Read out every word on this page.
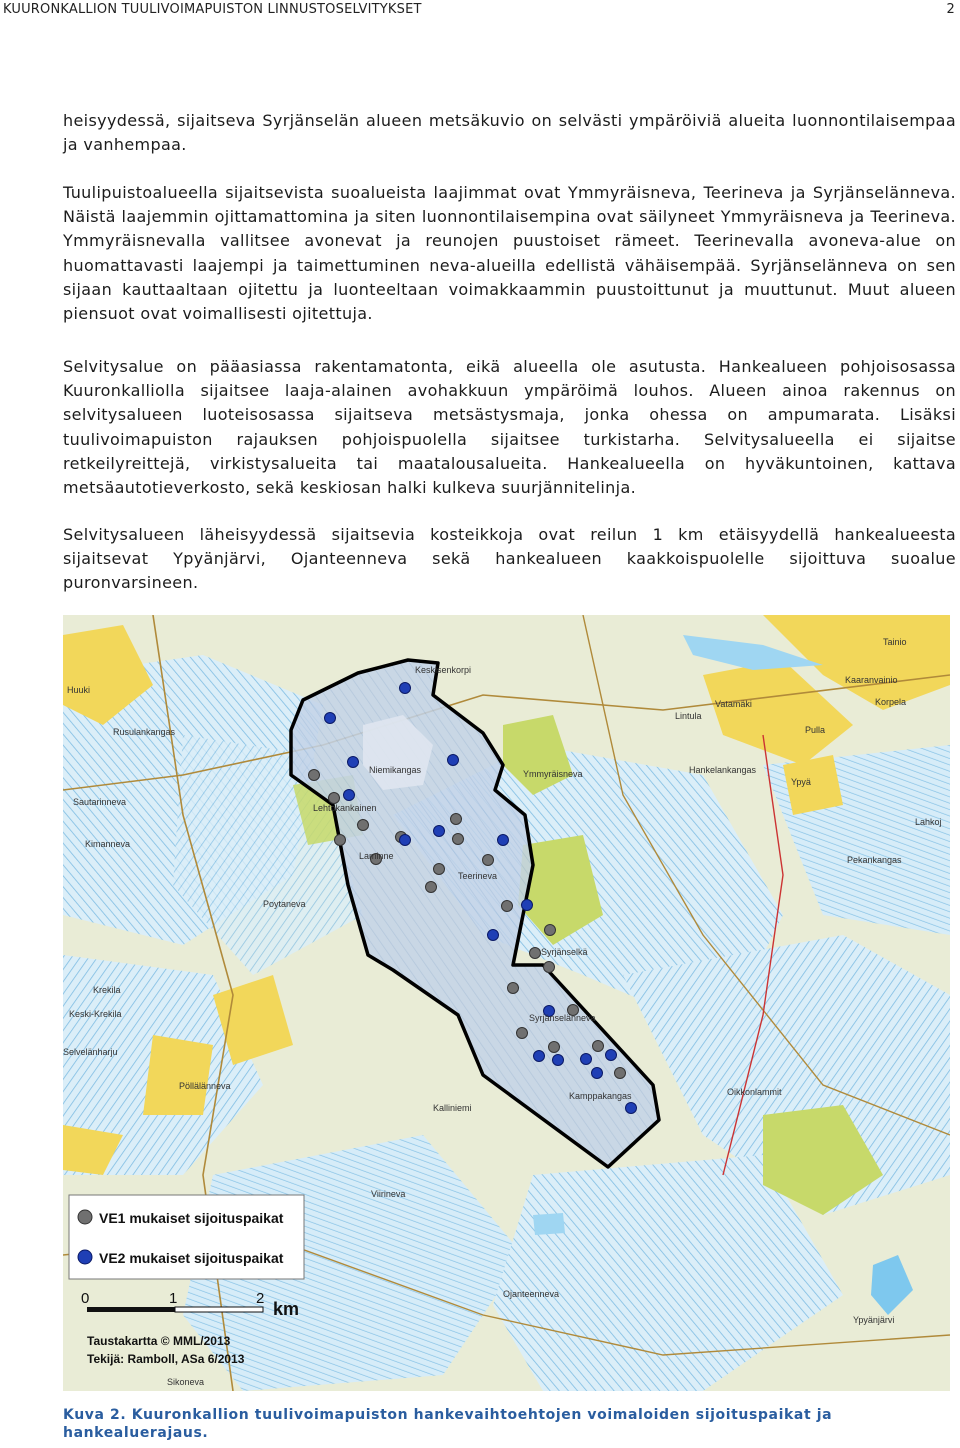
KUURONKALLION TUULIVOIMAPUISTON LINNUSTOSELVITYKSET	2

heisyydessä, sijaitseva Syrjänselän alueen metsäkuvio on selvästi ympäröiviä alueita luonnontilaisempaa ja vanhempaa.

Tuulipuistoalueella sijaitsevista suoalueista laajimmat ovat Ymmyräisneva, Teerineva ja Syrjänselänneva. Näistä laajemmin ojittamattomina ja siten luonnontilaisempina ovat säilyneet Ymmyräisneva ja Teerineva. Ymmyräisnevalla vallitsee avonevat ja reunojen puustoiset rämeet. Teerinevalla avoneva-alue on huomattavasti laajempi ja taimettuminen neva-alueilla edellistä vähäisempää. Syrjänselänneva on sen sijaan kauttaaltaan ojitettu ja luonteeltaan voimakkaammin puustoittunut ja muuttunut. Muut alueen piensuot ovat voimallisesti ojitettuja.

Selvitysalue on pääasiassa rakentamatonta, eikä alueella ole asutusta. Hankealueen pohjoisosassa Kuuronkalliolla sijaitsee laaja-alainen avohakkuun ympäröimä louhos. Alueen ainoa rakennus on selvitysalueen luoteisosassa sijaitseva metsästysmaja, jonka ohessa on ampumarata. Lisäksi tuulivoimapuiston rajauksen pohjoispuolella sijaitsee turkistarha. Selvitysalueella ei sijaitse retkeilyreittejä, virkistysalueita tai maatalousalueita. Hankealueella on hyväkuntoinen, kattava metsäautotieverkosto, sekä keskiosan halki kulkeva suurjännitelinja.

Selvitysalueen läheisyydessä sijaitsevia kosteikkoja ovat reilun 1 km etäisyydellä hankealueesta sijaitsevat Ypyänjärvi, Ojanteenneva sekä hankealueen kaakkoispuolelle sijoittuva suoalue puronvarsineen.

Tainio
Huuki
Rusulankangas
Keskisenkorpi
Kaaranvainio
Korpela
Vatamäki
Lintula
Pulla
Hankelankangas
Ypyä
Lahkoj
Niemikangas
Lehtokankainen
Ymmyräisneva
Sautarinneva
Kimanneva
Pekankangas
Laminne
Teerineva
Poytaneva
Syrjänselkä
Krekila
Keski-Krekila	Syrjänselänneva
Selvelänharju
Kamppakangas
Pöllälänneva
Kalliniemi
Oikkonlammit
Viirineva
Ojanteenneva
Ypyänjärvi
Sikoneva
VE1 mukaiset sijoituspaikat
VE2 mukaiset sijoituspaikat
0	1	2
km
Taustakartta © MML/2013
Tekijä: Ramboll, ASa 6/2013

Kuva 2. Kuuronkallion tuulivoimapuiston hankevaihtoehtojen voimaloiden sijoituspaikat ja hankealuerajaus.
